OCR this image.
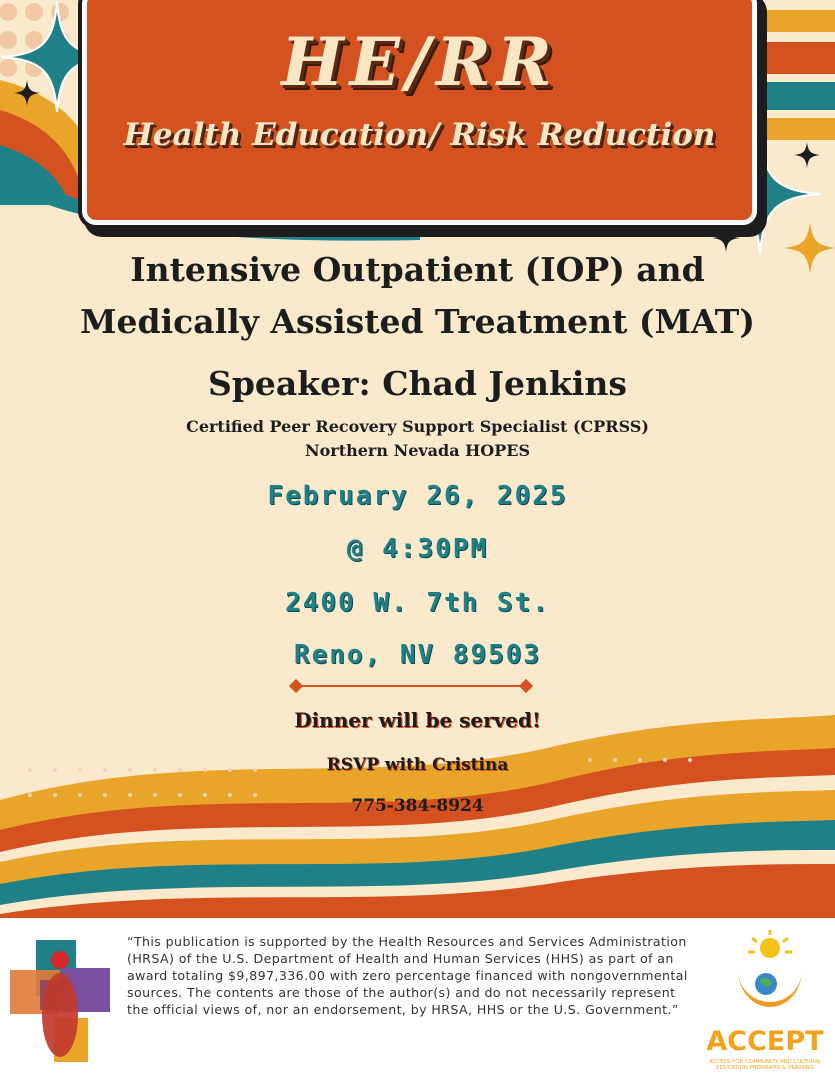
HE/RR
Health Education/ Risk Reduction
Intensive Outpatient (IOP) and
Medically Assisted Treatment (MAT)
Speaker: Chad Jenkins
Certified Peer Recovery Support Specialist (CPRSS)
Northern Nevada HOPES
February 26, 2025
@ 4:30PM
2400 W. 7th St.
Reno, NV 89503
Dinner will be served!
RSVP with Cristina
775-384-8924
“This publication is supported by the Health Resources and Services Administration (HRSA) of the U.S. Department of Health and Human Services (HHS) as part of an award totaling $9,897,336.00 with zero percentage financed with nongovernmental sources. The contents are those of the author(s) and do not necessarily represent the official views of, nor an endorsement, by HRSA, HHS or the U.S. Government.”
ACCEPT
ACCESS FOR COMMUNITY AND CULTURAL EDUCATION PROGRAMS & TRAINING
